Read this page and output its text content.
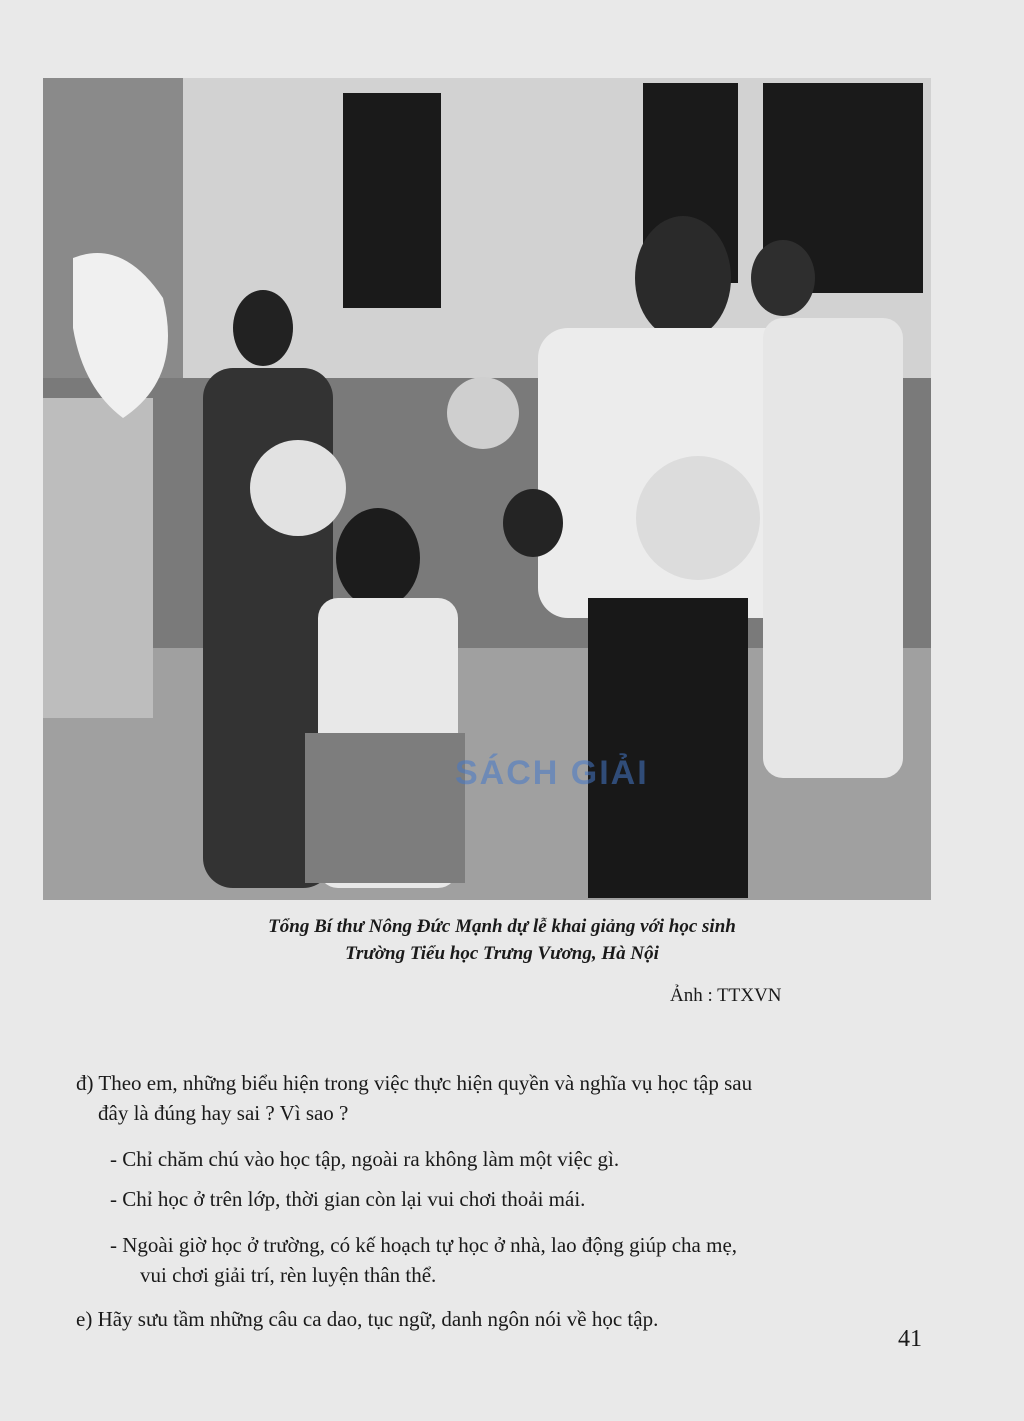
SÁCH GIẢI
Tổng Bí thư Nông Đức Mạnh dự lễ khai giảng với học sinh
Trường Tiểu học Trưng Vương, Hà Nội
Ảnh : TTXVN
đ) Theo em, những biểu hiện trong việc thực hiện quyền và nghĩa vụ học tập sau
đây là đúng hay sai ? Vì sao ?
- Chỉ chăm chú vào học tập, ngoài ra không làm một việc gì.
- Chỉ học ở trên lớp, thời gian còn lại vui chơi thoải mái.
- Ngoài giờ học ở trường, có kế hoạch tự học ở nhà, lao động giúp cha mẹ,
vui chơi giải trí, rèn luyện thân thể.
e) Hãy sưu tầm những câu ca dao, tục ngữ, danh ngôn nói về học tập.
41
